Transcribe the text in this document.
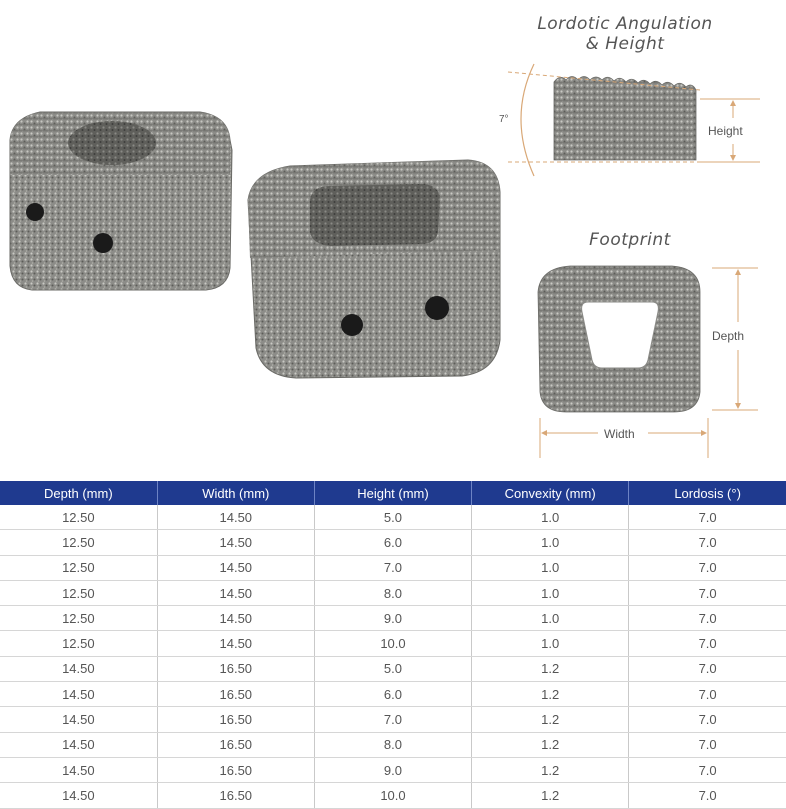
Lordotic Angulation
& Height
7°
Height
Footprint
Depth
Width
Depth (mm)	Width (mm)	Height (mm)	Convexity (mm)	Lordosis (°)
12.50	14.50	5.0	1.0	7.0
12.50	14.50	6.0	1.0	7.0
12.50	14.50	7.0	1.0	7.0
12.50	14.50	8.0	1.0	7.0
12.50	14.50	9.0	1.0	7.0
12.50	14.50	10.0	1.0	7.0
14.50	16.50	5.0	1.2	7.0
14.50	16.50	6.0	1.2	7.0
14.50	16.50	7.0	1.2	7.0
14.50	16.50	8.0	1.2	7.0
14.50	16.50	9.0	1.2	7.0
14.50	16.50	10.0	1.2	7.0
